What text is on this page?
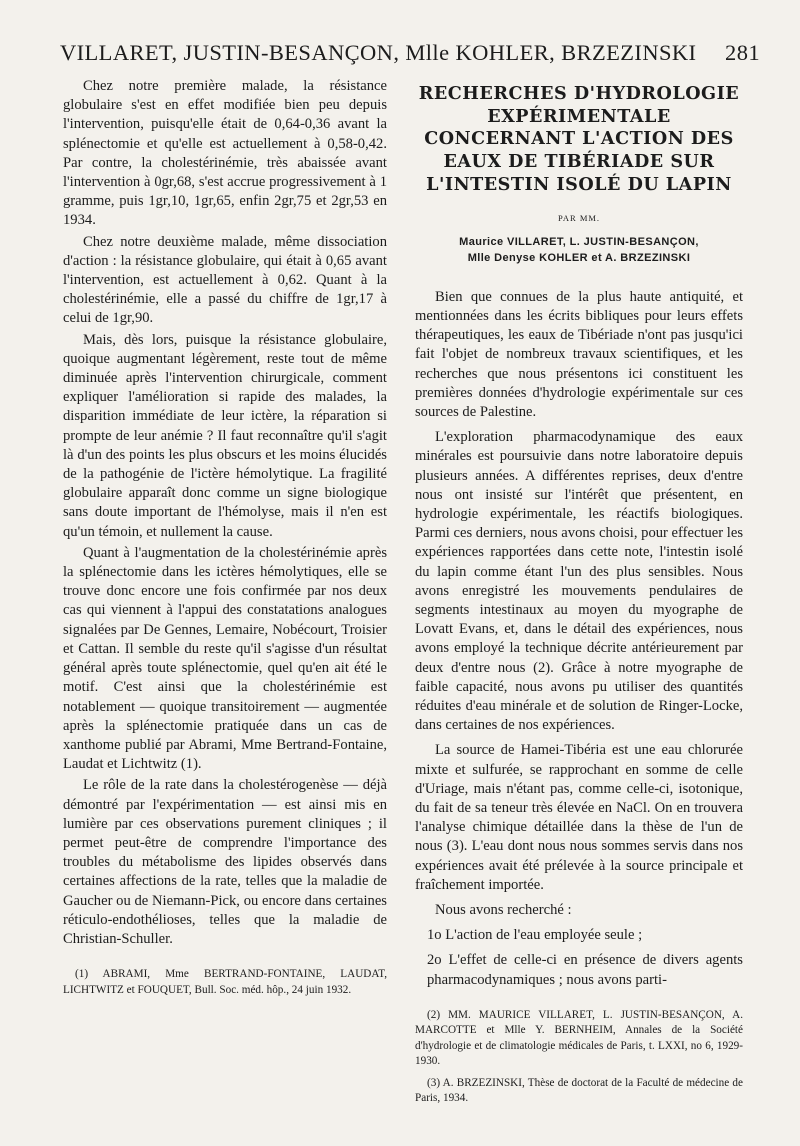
VILLARET, JUSTIN-BESANÇON, Mlle KOHLER, BRZEZINSKI 281

Chez notre première malade, la résistance globulaire s'est en effet modifiée bien peu depuis l'intervention, puisqu'elle était de 0,64-0,36 avant la splénectomie et qu'elle est actuellement à 0,58-0,42. Par contre, la cholestérinémie, très abaissée avant l'intervention à 0gr,68, s'est accrue progressivement à 1 gramme, puis 1gr,10, 1gr,65, enfin 2gr,75 et 2gr,53 en 1934.

Chez notre deuxième malade, même dissociation d'action : la résistance globulaire, qui était à 0,65 avant l'intervention, est actuellement à 0,62. Quant à la cholestérinémie, elle a passé du chiffre de 1gr,17 à celui de 1gr,90.

Mais, dès lors, puisque la résistance globulaire, quoique augmentant légèrement, reste tout de même diminuée après l'intervention chirurgicale, comment expliquer l'amélioration si rapide des malades, la disparition immédiate de leur ictère, la réparation si prompte de leur anémie ? Il faut reconnaître qu'il s'agit là d'un des points les plus obscurs et les moins élucidés de la pathogénie de l'ictère hémolytique. La fragilité globulaire apparaît donc comme un signe biologique sans doute important de l'hémolyse, mais il n'en est qu'un témoin, et nullement la cause.

Quant à l'augmentation de la cholestérinémie après la splénectomie dans les ictères hémolytiques, elle se trouve donc encore une fois confirmée par nos deux cas qui viennent à l'appui des constatations analogues signalées par De Gennes, Lemaire, Nobécourt, Troisier et Cattan. Il semble du reste qu'il s'agisse d'un résultat général après toute splénectomie, quel qu'en ait été le motif. C'est ainsi que la cholestérinémie est notablement — quoique transitoirement — augmentée après la splénectomie pratiquée dans un cas de xanthome publié par Abrami, Mme Bertrand-Fontaine, Laudat et Lichtwitz (1).

Le rôle de la rate dans la cholestérogenèse — déjà démontré par l'expérimentation — est ainsi mis en lumière par ces observations purement cliniques ; il permet peut-être de comprendre l'importance des troubles du métabolisme des lipides observés dans certaines affections de la rate, telles que la maladie de Gaucher ou de Niemann-Pick, ou encore dans certaines réticulo-endothélioses, telles que la maladie de Christian-Schuller.

(1) ABRAMI, Mme BERTRAND-FONTAINE, LAUDAT, LICHTWITZ et FOUQUET, Bull. Soc. méd. hôp., 24 juin 1932.

RECHERCHES D'HYDROLOGIE EXPÉRIMENTALE CONCERNANT L'ACTION DES EAUX DE TIBÉRIADE SUR L'INTESTIN ISOLÉ DU LAPIN
PAR MM.
Maurice VILLARET, L. JUSTIN-BESANÇON,
Mlle Denyse KOHLER et A. BRZEZINSKI

Bien que connues de la plus haute antiquité, et mentionnées dans les écrits bibliques pour leurs effets thérapeutiques, les eaux de Tibériade n'ont pas jusqu'ici fait l'objet de nombreux travaux scientifiques, et les recherches que nous présentons ici constituent les premières données d'hydrologie expérimentale sur ces sources de Palestine.

L'exploration pharmacodynamique des eaux minérales est poursuivie dans notre laboratoire depuis plusieurs années. A différentes reprises, deux d'entre nous ont insisté sur l'intérêt que présentent, en hydrologie expérimentale, les réactifs biologiques. Parmi ces derniers, nous avons choisi, pour effectuer les expériences rapportées dans cette note, l'intestin isolé du lapin comme étant l'un des plus sensibles. Nous avons enregistré les mouvements pendulaires de segments intestinaux au moyen du myographe de Lovatt Evans, et, dans le détail des expériences, nous avons employé la technique décrite antérieurement par deux d'entre nous (2). Grâce à notre myographe de faible capacité, nous avons pu utiliser des quantités réduites d'eau minérale et de solution de Ringer-Locke, dans certaines de nos expériences.

La source de Hamei-Tibéria est une eau chlorurée mixte et sulfurée, se rapprochant en somme de celle d'Uriage, mais n'étant pas, comme celle-ci, isotonique, du fait de sa teneur très élevée en NaCl. On en trouvera l'analyse chimique détaillée dans la thèse de l'un de nous (3). L'eau dont nous nous sommes servis dans nos expériences avait été prélevée à la source principale et fraîchement importée.

Nous avons recherché :

1o L'action de l'eau employée seule ;

2o L'effet de celle-ci en présence de divers agents pharmacodynamiques ; nous avons parti-

(2) MM. MAURICE VILLARET, L. JUSTIN-BESANÇON, A. MARCOTTE et Mlle Y. BERNHEIM, Annales de la Société d'hydrologie et de climatologie médicales de Paris, t. LXXI, no 6, 1929-1930.

(3) A. BRZEZINSKI, Thèse de doctorat de la Faculté de médecine de Paris, 1934.
